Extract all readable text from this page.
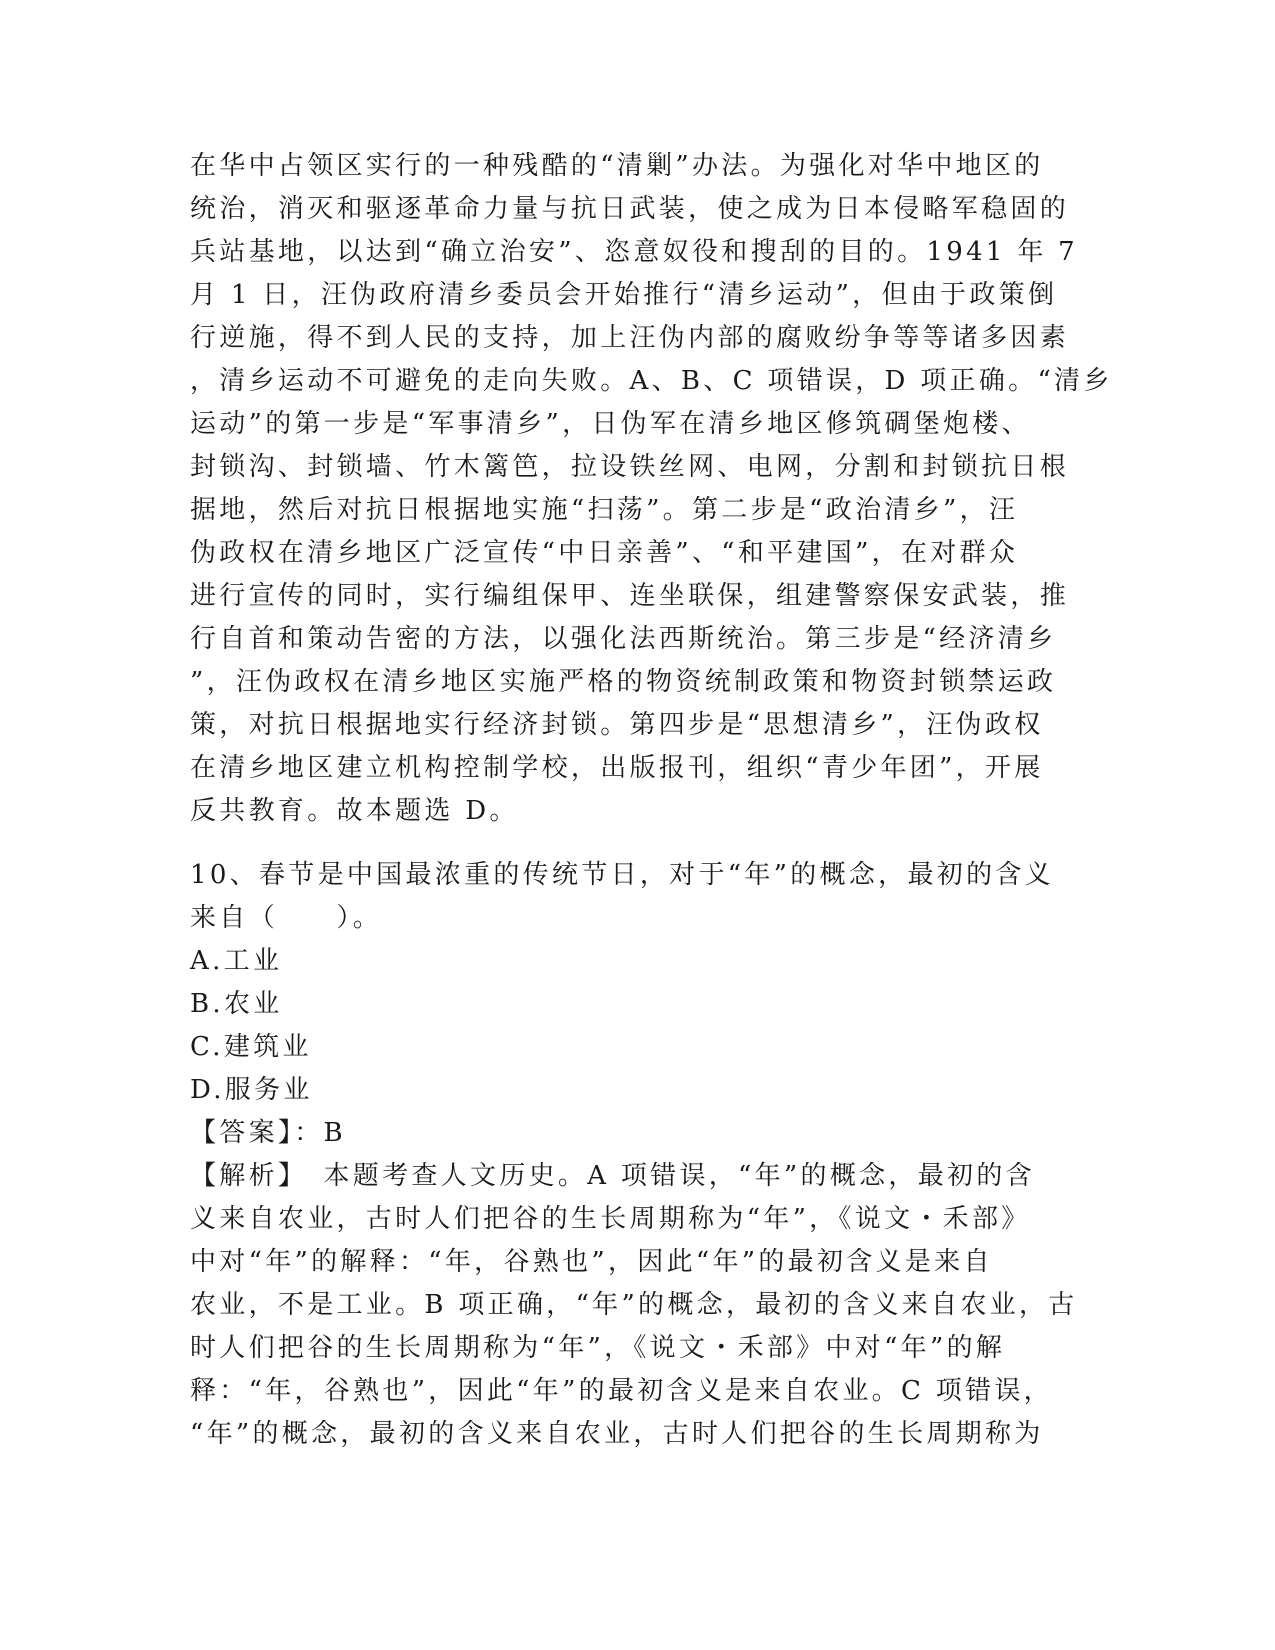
在华中占领区实行的一种残酷的“清剿”办法。为强化对华中地区的
统治，消灭和驱逐革命力量与抗日武装，使之成为日本侵略军稳固的
兵站基地，以达到“确立治安”、恣意奴役和搜刮的目的。1941 年 7
月 1 日，汪伪政府清乡委员会开始推行“清乡运动”，但由于政策倒
行逆施，得不到人民的支持，加上汪伪内部的腐败纷争等等诸多因素
，清乡运动不可避免的走向失败。A、B、C 项错误，D 项正确。“清乡
运动”的第一步是“军事清乡”，日伪军在清乡地区修筑碉堡炮楼、
封锁沟、封锁墙、竹木篱笆，拉设铁丝网、电网，分割和封锁抗日根
据地，然后对抗日根据地实施“扫荡”。第二步是“政治清乡”，汪
伪政权在清乡地区广泛宣传“中日亲善”、“和平建国”，在对群众
进行宣传的同时，实行编组保甲、连坐联保，组建警察保安武装，推
行自首和策动告密的方法，以强化法西斯统治。第三步是“经济清乡
”，汪伪政权在清乡地区实施严格的物资统制政策和物资封锁禁运政
策，对抗日根据地实行经济封锁。第四步是“思想清乡”，汪伪政权
在清乡地区建立机构控制学校，出版报刊，组织“青少年团”，开展
反共教育。故本题选 D。
10、春节是中国最浓重的传统节日，对于“年”的概念，最初的含义
来自（　　）。
A.工业
B.农业
C.建筑业
D.服务业
【答案】：B
【解析】　本题考查人文历史。A 项错误，“年”的概念，最初的含
义来自农业，古时人们把谷的生长周期称为“年”，《说文・禾部》
中对“年”的解释：“年，谷熟也”，因此“年”的最初含义是来自
农业，不是工业。B 项正确，“年”的概念，最初的含义来自农业，古
时人们把谷的生长周期称为“年”，《说文・禾部》中对“年”的解
释：“年，谷熟也”，因此“年”的最初含义是来自农业。C 项错误，
“年”的概念，最初的含义来自农业，古时人们把谷的生长周期称为
